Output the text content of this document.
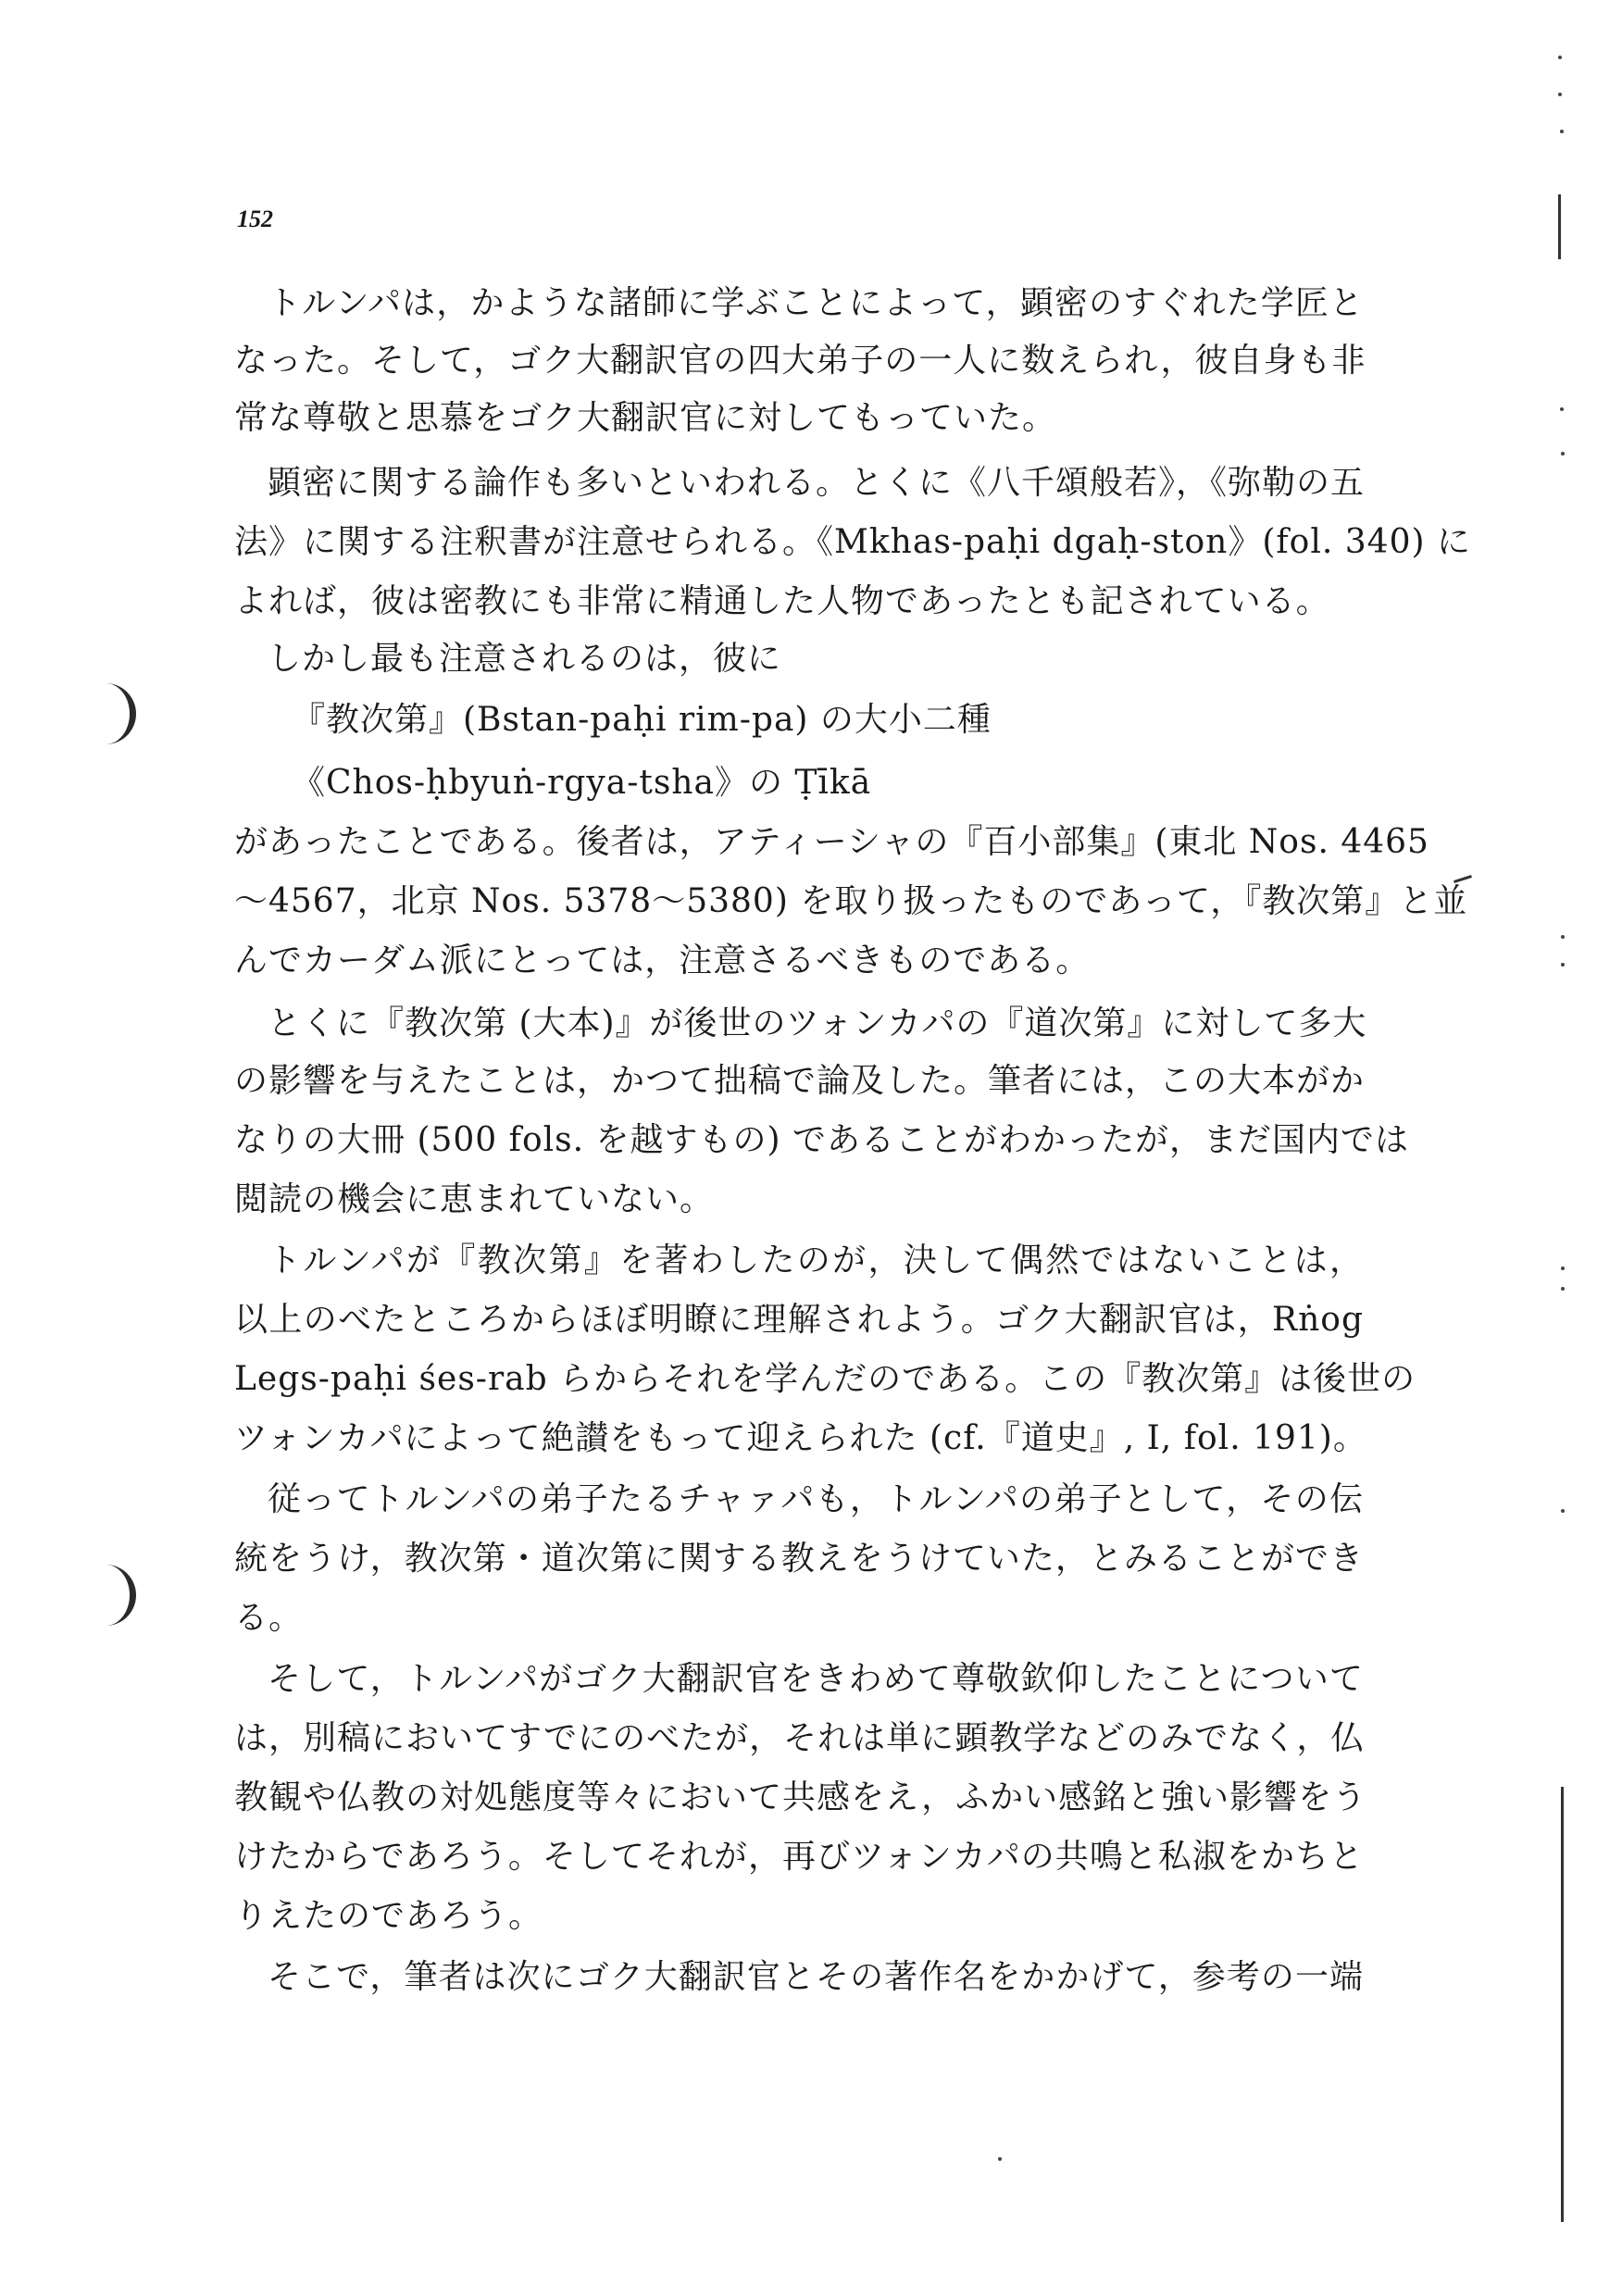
152
トルンパは，かような諸師に学ぶことによって，顕密のすぐれた学匠と
なった。そして，ゴク大翻訳官の四大弟子の一人に数えられ，彼自身も非
常な尊敬と思慕をゴク大翻訳官に対してもっていた。
顕密に関する論作も多いといわれる。とくに《八千頌般若》，《弥勒の五
法》に関する注釈書が注意せられる。《Mkhas-paḥi dgaḥ-ston》(fol. 340) に
よれば，彼は密教にも非常に精通した人物であったとも記されている。
しかし最も注意されるのは，彼に
『教次第』(Bstan-paḥi rim-pa) の大小二種
《Chos-ḥbyuṅ-rgya-tsha》の Ṭīkā
があったことである。後者は，アティーシャの『百小部集』(東北 Nos. 4465
～4567，北京 Nos. 5378～5380) を取り扱ったものであって，『教次第』と並
んでカーダム派にとっては，注意さるべきものである。
とくに『教次第 (大本)』が後世のツォンカパの『道次第』に対して多大
の影響を与えたことは，かつて拙稿で論及した。筆者には，この大本がか
なりの大冊 (500 fols. を越すもの) であることがわかったが，まだ国内では
閲読の機会に恵まれていない。
トルンパが『教次第』を著わしたのが，決して偶然ではないことは，
以上のべたところからほぼ明瞭に理解されよう。ゴク大翻訳官は，Rṅog
Legs-paḥi śes-rab らからそれを学んだのである。この『教次第』は後世の
ツォンカパによって絶讃をもって迎えられた (cf.『道史』, I, fol. 191)。
従ってトルンパの弟子たるチャァパも，トルンパの弟子として，その伝
統をうけ，教次第・道次第に関する教えをうけていた，とみることができ
る。
そして，トルンパがゴク大翻訳官をきわめて尊敬欽仰したことについて
は，別稿においてすでにのべたが，それは単に顕教学などのみでなく，仏
教観や仏教の対処態度等々において共感をえ，ふかい感銘と強い影響をう
けたからであろう。そしてそれが，再びツォンカパの共鳴と私淑をかちと
りえたのであろう。
そこで，筆者は次にゴク大翻訳官とその著作名をかかげて，参考の一端
